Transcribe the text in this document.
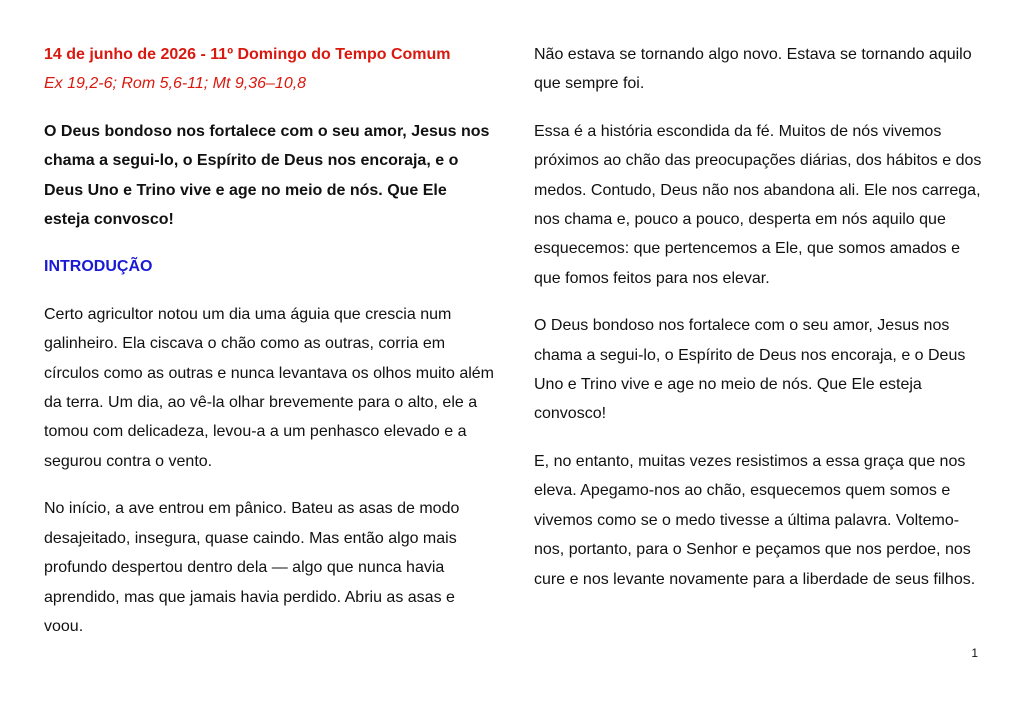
14 de junho de 2026 - 11º Domingo do Tempo Comum

Ex 19,2-6; Rom 5,6-11; Mt 9,36–10,8

O Deus bondoso nos fortalece com o seu amor, Jesus nos chama a segui-lo, o Espírito de Deus nos encoraja, e o Deus Uno e Trino vive e age no meio de nós. Que Ele esteja convosco!

INTRODUÇÃO

Certo agricultor notou um dia uma águia que crescia num galinheiro. Ela ciscava o chão como as outras, corria em círculos como as outras e nunca levantava os olhos muito além da terra. Um dia, ao vê-la olhar brevemente para o alto, ele a tomou com delicadeza, levou-a a um penhasco elevado e a segurou contra o vento.

No início, a ave entrou em pânico. Bateu as asas de modo desajeitado, insegura, quase caindo. Mas então algo mais profundo despertou dentro dela — algo que nunca havia aprendido, mas que jamais havia perdido. Abriu as asas e voou.

Não estava se tornando algo novo. Estava se tornando aquilo que sempre foi.

Essa é a história escondida da fé. Muitos de nós vivemos próximos ao chão das preocupações diárias, dos hábitos e dos medos. Contudo, Deus não nos abandona ali. Ele nos carrega, nos chama e, pouco a pouco, desperta em nós aquilo que esquecemos: que pertencemos a Ele, que somos amados e que fomos feitos para nos elevar.

O Deus bondoso nos fortalece com o seu amor, Jesus nos chama a segui-lo, o Espírito de Deus nos encoraja, e o Deus Uno e Trino vive e age no meio de nós. Que Ele esteja convosco!

E, no entanto, muitas vezes resistimos a essa graça que nos eleva. Apegamo-nos ao chão, esquecemos quem somos e vivemos como se o medo tivesse a última palavra. Voltemo-nos, portanto, para o Senhor e peçamos que nos perdoe, nos cure e nos levante novamente para a liberdade de seus filhos.

1
